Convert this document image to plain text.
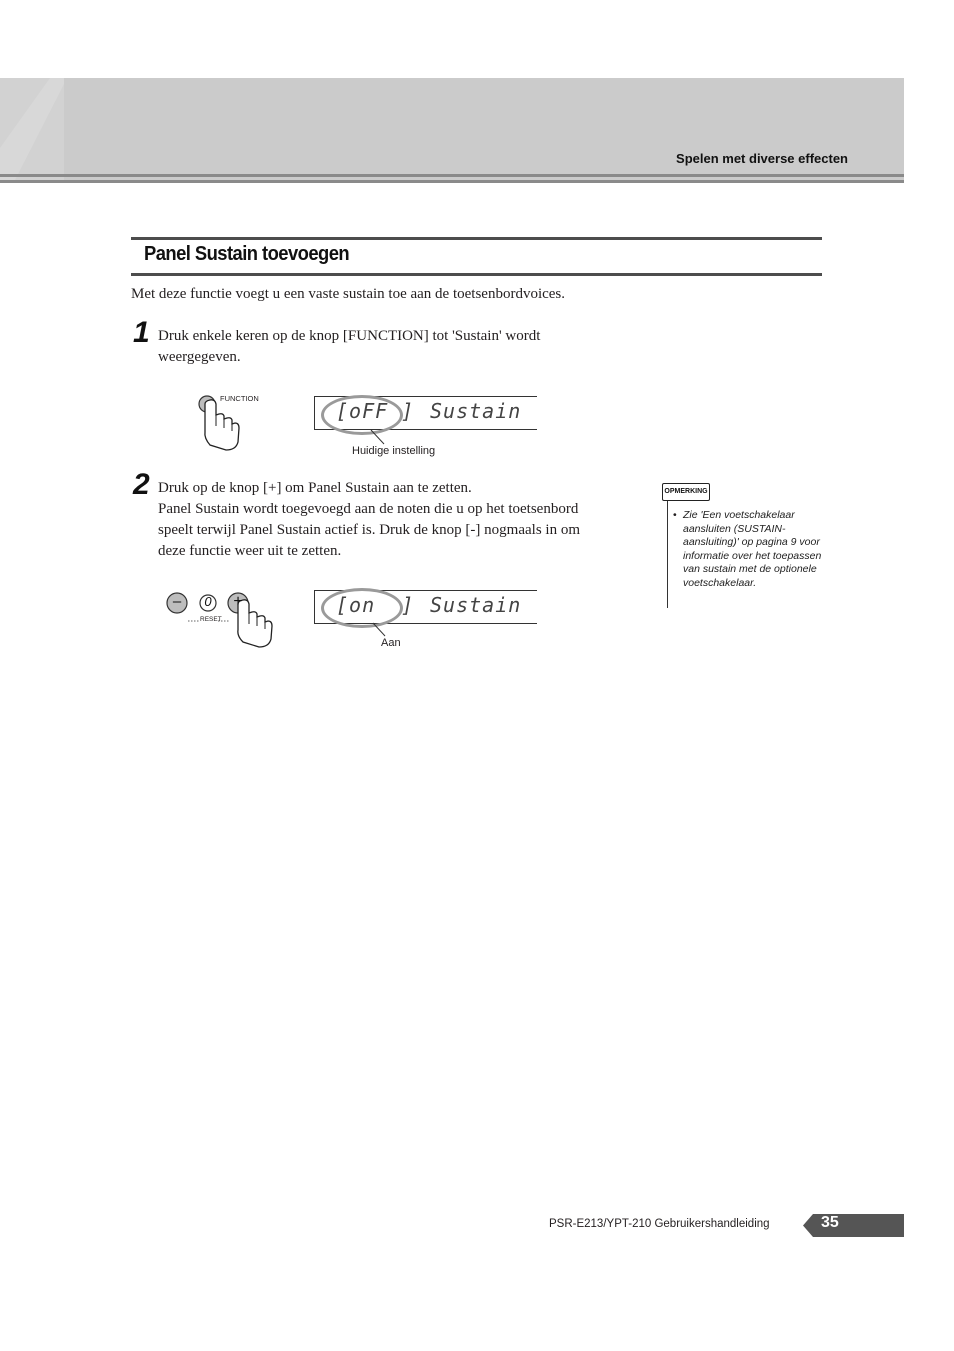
Spelen met diverse effecten
Panel Sustain toevoegen
Met deze functie voegt u een vaste sustain toe aan de toetsenbordvoices.
1 Druk enkele keren op de knop [FUNCTION] tot 'Sustain' wordt
weergegeven.
FUNCTION
[oFF ] Sustain
Huidige instelling
2 Druk op de knop [+] om Panel Sustain aan te zetten.
Panel Sustain wordt toegevoegd aan de noten die u op het toetsenbord
speelt terwijl Panel Sustain actief is. Druk de knop [-] nogmaals in om
deze functie weer uit te zetten.
OPMERKING
• Zie 'Een voetschakelaar aansluiten (SUSTAIN-aansluiting)' op pagina 9 voor informatie over het toepassen van sustain met de optionele voetschakelaar.
–	0 +
RESET
[on  ] Sustain
Aan
PSR-E213/YPT-210 Gebruikershandleiding	35
